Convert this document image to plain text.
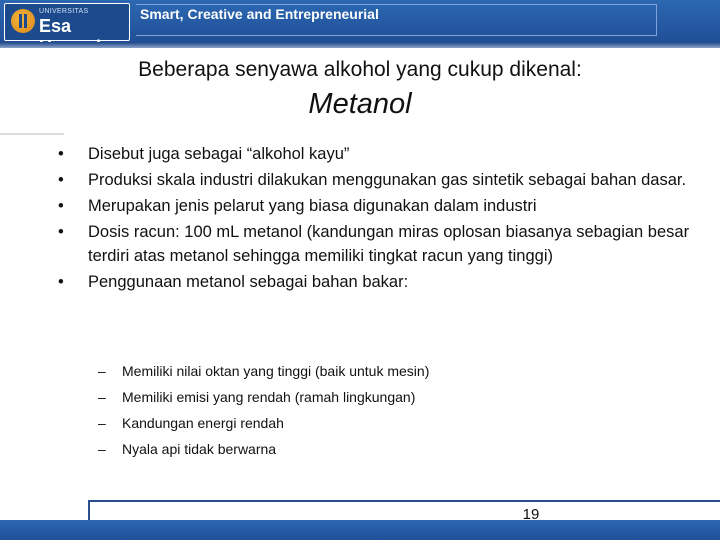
UNIVERSITAS
Esa
Smart, Creative and Entrepreneurial
Beberapa senyawa alkohol yang cukup dikenal:
Metanol
• Disebut juga sebagai “alkohol kayu”
• Produksi skala industri dilakukan menggunakan gas sintetik sebagai bahan dasar.
• Merupakan jenis pelarut yang biasa digunakan dalam industri
• Dosis racun: 100 mL metanol (kandungan miras oplosan biasanya sebagian besar terdiri atas metanol sehingga memiliki tingkat racun yang tinggi)
• Penggunaan metanol sebagai bahan bakar:
– Memiliki nilai oktan yang tinggi (baik untuk mesin)
– Memiliki emisi yang rendah (ramah lingkungan)
– Kandungan energi rendah
– Nyala api tidak berwarna
19
